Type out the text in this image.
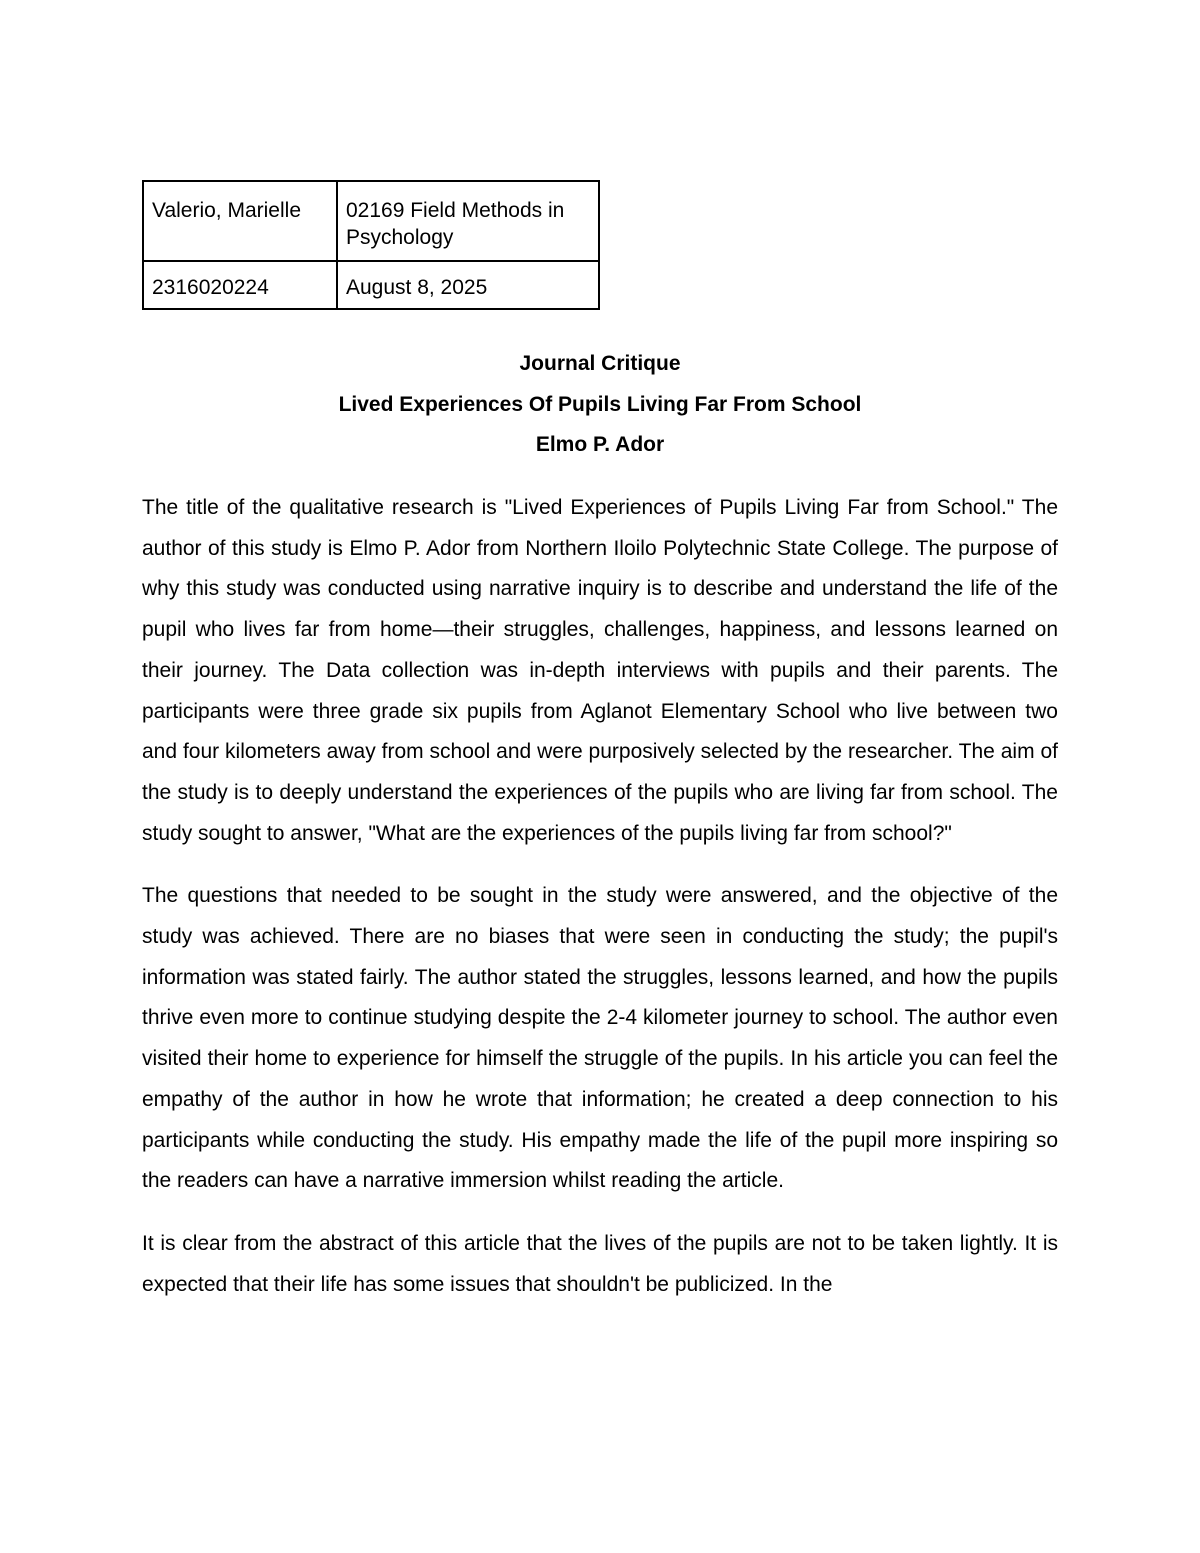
Valerio, Marielle	02169 Field Methods in Psychology
2316020224	August 8, 2025
Journal Critique
Lived Experiences Of Pupils Living Far From School
Elmo P. Ador

The title of the qualitative research is "Lived Experiences of Pupils Living Far from School." The author of this study is Elmo P. Ador from Northern Iloilo Polytechnic State College. The purpose of why this study was conducted using narrative inquiry is to describe and understand the life of the pupil who lives far from home—their struggles, challenges, happiness, and lessons learned on their journey. The Data collection was in-depth interviews with pupils and their parents. The participants were three grade six pupils from Aglanot Elementary School who live between two and four kilometers away from school and were purposively selected by the researcher. The aim of the study is to deeply understand the experiences of the pupils who are living far from school. The study sought to answer, "What are the experiences of the pupils living far from school?"

The questions that needed to be sought in the study were answered, and the objective of the study was achieved. There are no biases that were seen in conducting the study; the pupil's information was stated fairly. The author stated the struggles, lessons learned, and how the pupils thrive even more to continue studying despite the 2-4 kilometer journey to school. The author even visited their home to experience for himself the struggle of the pupils. In his article you can feel the empathy of the author in how he wrote that information; he created a deep connection to his participants while conducting the study. His empathy made the life of the pupil more inspiring so the readers can have a narrative immersion whilst reading the article.

It is clear from the abstract of this article that the lives of the pupils are not to be taken lightly. It is expected that their life has some issues that shouldn't be publicized. In the
